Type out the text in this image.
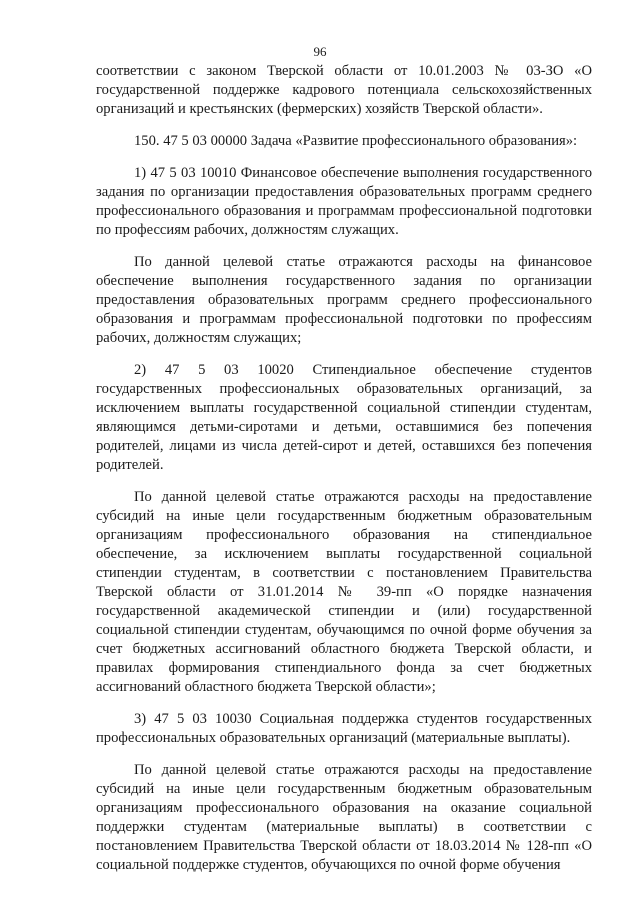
96

соответствии с законом Тверской области от 10.01.2003 № 03-ЗО «О государственной поддержке кадрового потенциала сельскохозяйственных организаций и крестьянских (фермерских) хозяйств Тверской области».

150. 47 5 03 00000 Задача «Развитие профессионального образования»:

1) 47 5 03 10010 Финансовое обеспечение выполнения государственного задания по организации предоставления образовательных программ среднего профессионального образования и программам профессиональной подготовки по профессиям рабочих, должностям служащих.

По данной целевой статье отражаются расходы на финансовое обеспечение выполнения государственного задания по организации предоставления образовательных программ среднего профессионального образования и программам профессиональной подготовки по профессиям рабочих, должностям служащих;

2) 47 5 03 10020 Стипендиальное обеспечение студентов государственных профессиональных образовательных организаций, за исключением выплаты государственной социальной стипендии студентам, являющимся детьми-сиротами и детьми, оставшимися без попечения родителей, лицами из числа детей-сирот и детей, оставшихся без попечения родителей.

По данной целевой статье отражаются расходы на предоставление субсидий на иные цели государственным бюджетным образовательным организациям профессионального образования на стипендиальное обеспечение, за исключением выплаты государственной социальной стипендии студентам, в соответствии с постановлением Правительства Тверской области от 31.01.2014 № 39-пп «О порядке назначения государственной академической стипендии и (или) государственной социальной стипендии студентам, обучающимся по очной форме обучения за счет бюджетных ассигнований областного бюджета Тверской области, и правилах формирования стипендиального фонда за счет бюджетных ассигнований областного бюджета Тверской области»;

3) 47 5 03 10030 Социальная поддержка студентов государственных профессиональных образовательных организаций (материальные выплаты).

По данной целевой статье отражаются расходы на предоставление субсидий на иные цели государственным бюджетным образовательным организациям профессионального образования на оказание социальной поддержки студентам (материальные выплаты) в соответствии с постановлением Правительства Тверской области от 18.03.2014 № 128-пп «О социальной поддержке студентов, обучающихся по очной форме обучения
